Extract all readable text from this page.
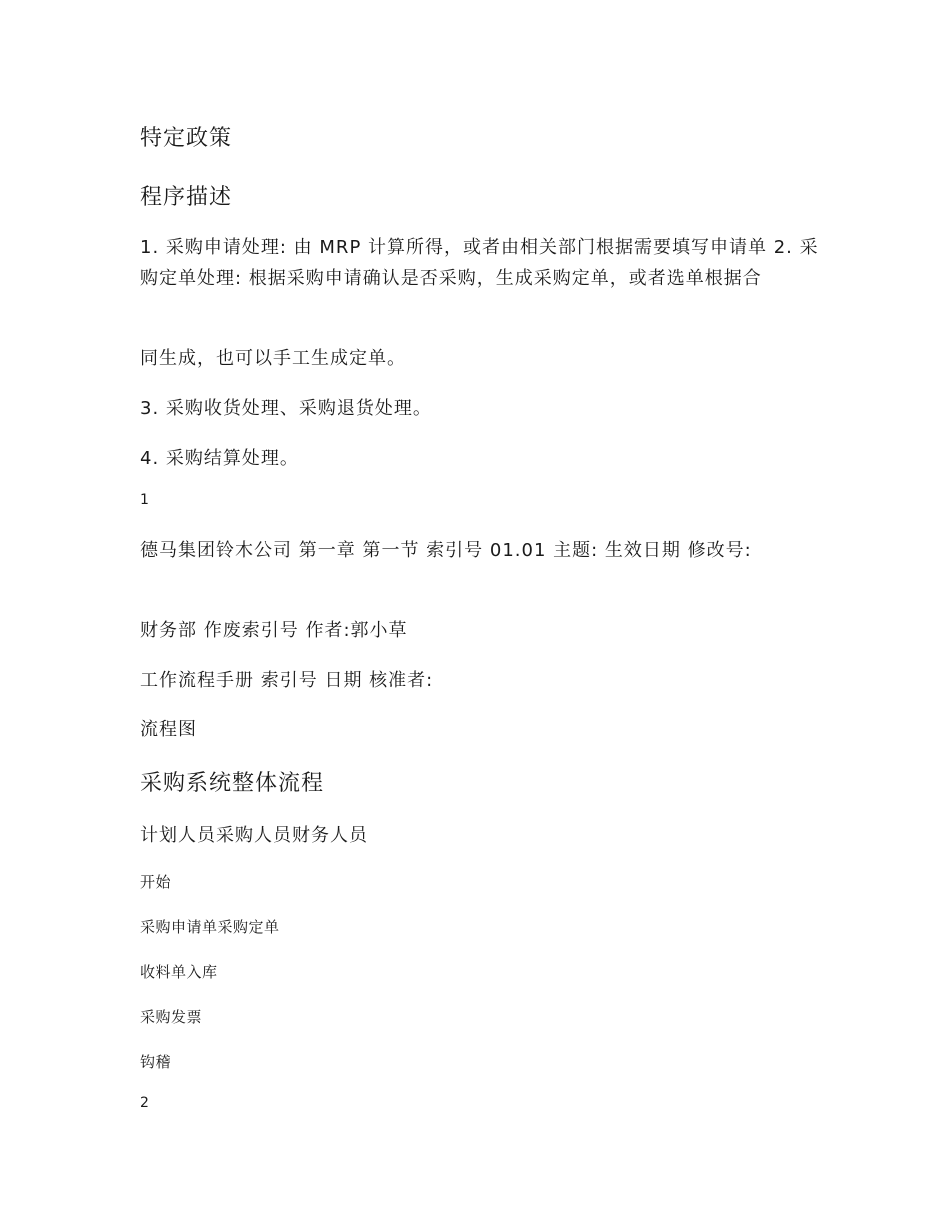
特定政策
程序描述

1. 采购申请处理: 由 MRP 计算所得，或者由相关部门根据需要填写申请单 2. 采购定单处理: 根据采购申请确认是否采购，生成采购定单，或者选单根据合

同生成，也可以手工生成定单。

3. 采购收货处理、采购退货处理。

4. 采购结算处理。

1

德马集团铃木公司 第一章 第一节 索引号 01.01 主题: 生效日期 修改号:

财务部 作废索引号 作者:郭小草

工作流程手册 索引号 日期 核准者:

流程图

采购系统整体流程

计划人员采购人员财务人员

开始

采购申请单采购定单

收料单入库

采购发票

钩稽

2
